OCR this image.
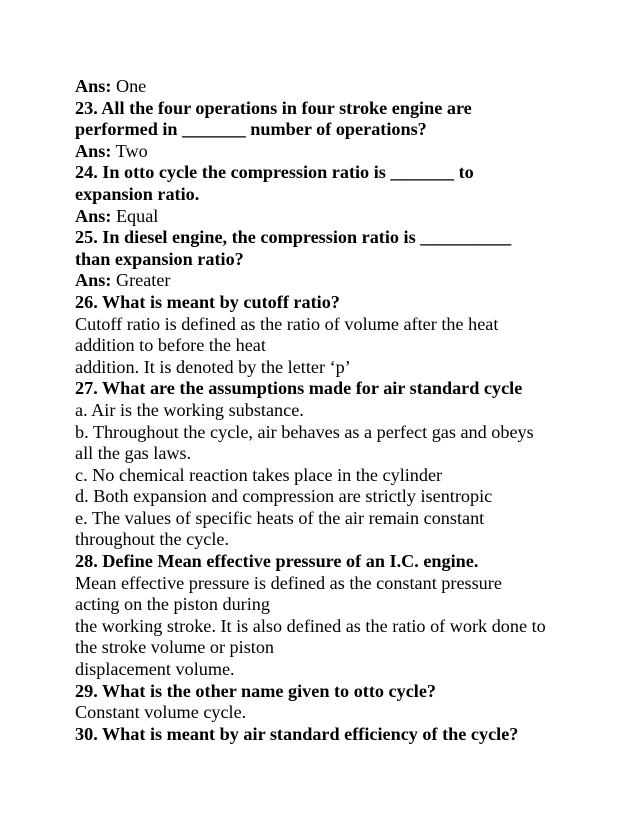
Ans: One
23. All the four operations in four stroke engine are
performed in _______ number of operations?
Ans: Two
24. In otto cycle the compression ratio is _______ to
expansion ratio.
Ans: Equal
25. In diesel engine, the compression ratio is __________
than expansion ratio?
Ans: Greater
26. What is meant by cutoff ratio?
Cutoff ratio is defined as the ratio of volume after the heat
addition to before the heat
addition. It is denoted by the letter ‘p’
27. What are the assumptions made for air standard cycle
a. Air is the working substance.
b. Throughout the cycle, air behaves as a perfect gas and obeys
all the gas laws.
c. No chemical reaction takes place in the cylinder
d. Both expansion and compression are strictly isentropic
e. The values of specific heats of the air remain constant
throughout the cycle.
28. Define Mean effective pressure of an I.C. engine.
Mean effective pressure is defined as the constant pressure
acting on the piston during
the working stroke. It is also defined as the ratio of work done to
the stroke volume or piston
displacement volume.
29. What is the other name given to otto cycle?
Constant volume cycle.
30. What is meant by air standard efficiency of the cycle?
